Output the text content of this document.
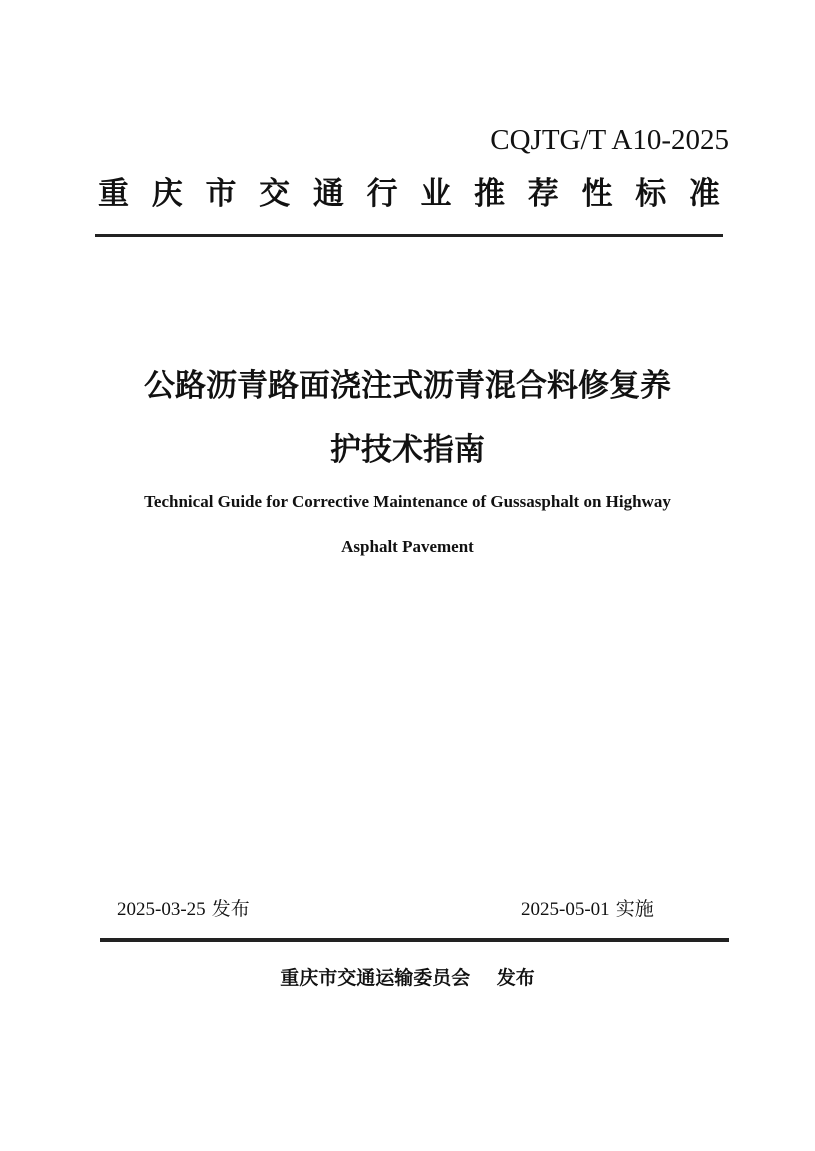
CQJTG/T A10-2025
重 庆 市 交 通 行 业 推 荐 性 标 准
公路沥青路面浇注式沥青混合料修复养
护技术指南
Technical Guide for Corrective Maintenance of Gussasphalt on Highway
Asphalt Pavement
2025-03-25 发布	2025-05-01 实施
重庆市交通运输委员会 发布
